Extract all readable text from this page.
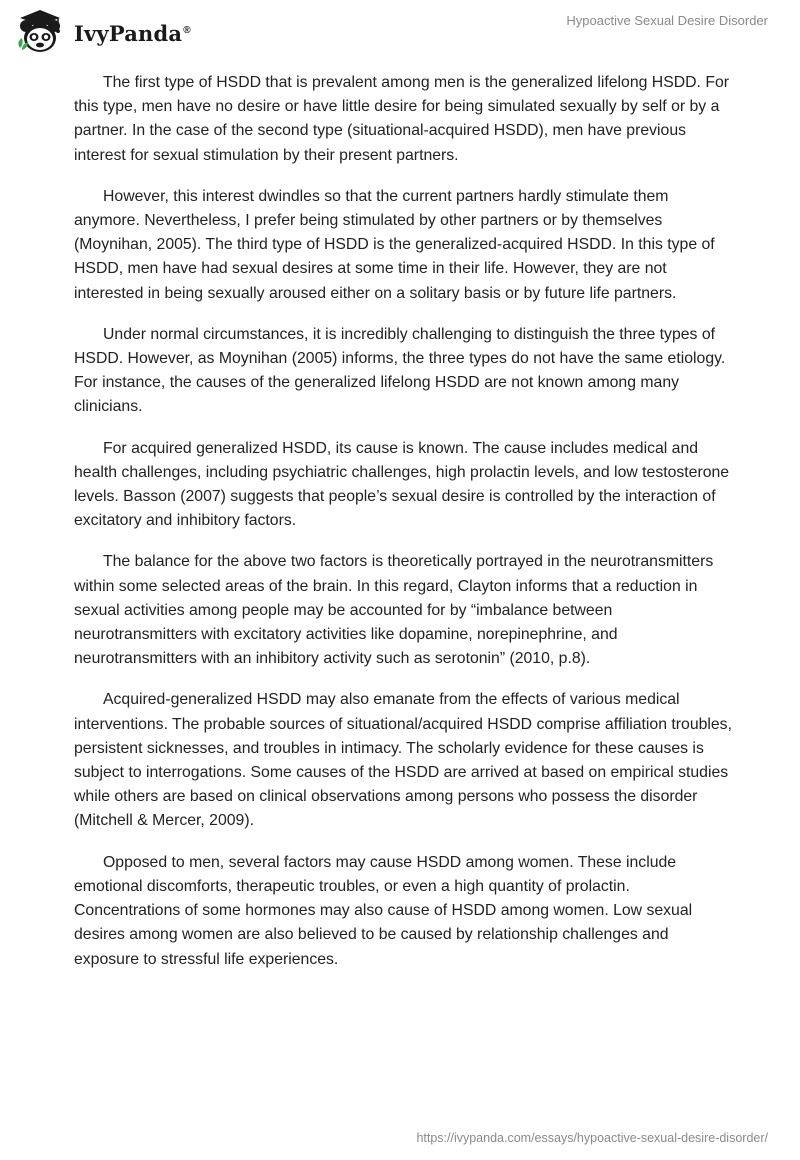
IvyPanda®
Hypoactive Sexual Desire Disorder

The first type of HSDD that is prevalent among men is the generalized lifelong HSDD. For this type, men have no desire or have little desire for being simulated sexually by self or by a partner. In the case of the second type (situational-acquired HSDD), men have previous interest for sexual stimulation by their present partners.

However, this interest dwindles so that the current partners hardly stimulate them anymore. Nevertheless, I prefer being stimulated by other partners or by themselves (Moynihan, 2005). The third type of HSDD is the generalized-acquired HSDD. In this type of HSDD, men have had sexual desires at some time in their life. However, they are not interested in being sexually aroused either on a solitary basis or by future life partners.

Under normal circumstances, it is incredibly challenging to distinguish the three types of HSDD. However, as Moynihan (2005) informs, the three types do not have the same etiology. For instance, the causes of the generalized lifelong HSDD are not known among many clinicians.

For acquired generalized HSDD, its cause is known. The cause includes medical and health challenges, including psychiatric challenges, high prolactin levels, and low testosterone levels. Basson (2007) suggests that people’s sexual desire is controlled by the interaction of excitatory and inhibitory factors.

The balance for the above two factors is theoretically portrayed in the neurotransmitters within some selected areas of the brain. In this regard, Clayton informs that a reduction in sexual activities among people may be accounted for by “imbalance between neurotransmitters with excitatory activities like dopamine, norepinephrine, and neurotransmitters with an inhibitory activity such as serotonin” (2010, p.8).

Acquired-generalized HSDD may also emanate from the effects of various medical interventions. The probable sources of situational/acquired HSDD comprise affiliation troubles, persistent sicknesses, and troubles in intimacy. The scholarly evidence for these causes is subject to interrogations. Some causes of the HSDD are arrived at based on empirical studies while others are based on clinical observations among persons who possess the disorder (Mitchell & Mercer, 2009).

Opposed to men, several factors may cause HSDD among women. These include emotional discomforts, therapeutic troubles, or even a high quantity of prolactin. Concentrations of some hormones may also cause of HSDD among women. Low sexual desires among women are also believed to be caused by relationship challenges and exposure to stressful life experiences.

https://ivypanda.com/essays/hypoactive-sexual-desire-disorder/
